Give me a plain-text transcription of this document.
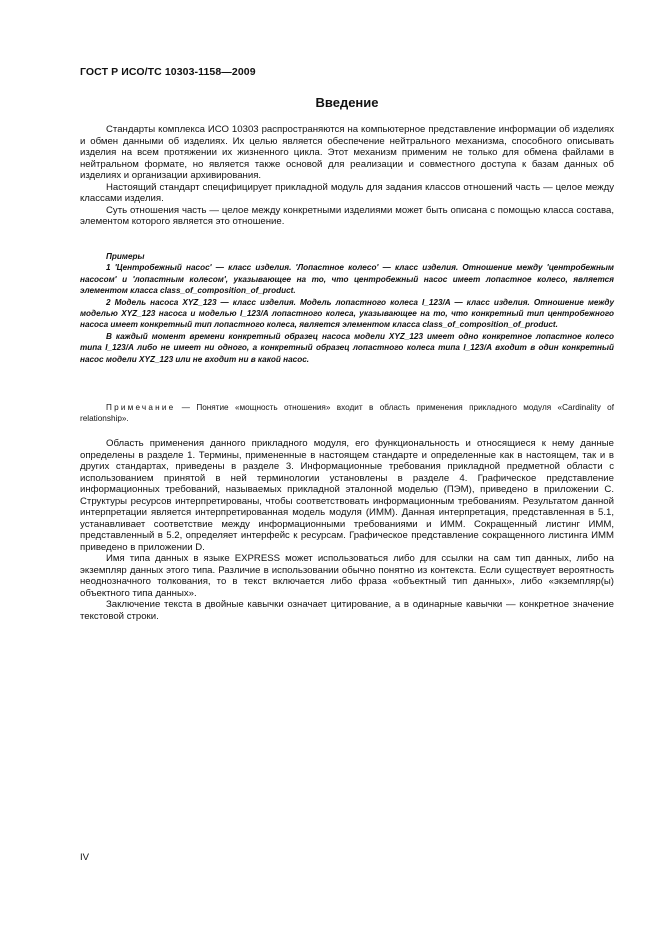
ГОСТ Р ИСО/ТС 10303-1158—2009
Введение

Стандарты комплекса ИСО 10303 распространяются на компьютерное представление информации об изделиях и обмен данными об изделиях. Их целью является обеспечение нейтрального механизма, способного описывать изделия на всем протяжении их жизненного цикла. Этот механизм применим не только для обмена файлами в нейтральном формате, но является также основой для реализации и совместного доступа к базам данных об изделиях и организации архивирования.

Настоящий стандарт специфицирует прикладной модуль для задания классов отношений часть — целое между классами изделия.

Суть отношения часть — целое между конкретными изделиями может быть описана с помощью класса состава, элементом которого является это отношение.

Примеры

1 'Центробежный насос' — класс изделия. 'Лопастное колесо' — класс изделия. Отношение между 'центробежным насосом' и 'лопастным колесом', указывающее на то, что центробежный насос имеет лопастное колесо, является элементом класса class_of_composition_of_product.

2 Модель насоса XYZ_123 — класс изделия. Модель лопастного колеса I_123/A — класс изделия. Отношение между моделью XYZ_123 насоса и моделью I_123/A лопастного колеса, указывающее на то, что конкретный тип центробежного насоса имеет конкретный тип лопастного колеса, является элементом класса class_of_composition_of_product.

В каждый момент времени конкретный образец насоса модели XYZ_123 имеет одно конкретное лопастное колесо типа I_123/A либо не имеет ни одного, а конкретный образец лопастного колеса типа I_123/A входит в один конкретный насос модели XYZ_123 или не входит ни в какой насос.

Примечание — Понятие «мощность отношения» входит в область применения прикладного модуля «Cardinality of relationship».

Область применения данного прикладного модуля, его функциональность и относящиеся к нему данные определены в разделе 1. Термины, примененные в настоящем стандарте и определенные как в настоящем, так и в других стандартах, приведены в разделе 3. Информационные требования прикладной предметной области с использованием принятой в ней терминологии установлены в разделе 4. Графическое представление информационных требований, называемых прикладной эталонной моделью (ПЭМ), приведено в приложении C. Структуры ресурсов интерпретированы, чтобы соответствовать информационным требованиям. Результатом данной интерпретации является интерпретированная модель модуля (ИММ). Данная интерпретация, представленная в 5.1, устанавливает соответствие между информационными требованиями и ИММ. Сокращенный листинг ИММ, представленный в 5.2, определяет интерфейс к ресурсам. Графическое представление сокращенного листинга ИММ приведено в приложении D.

Имя типа данных в языке EXPRESS может использоваться либо для ссылки на сам тип данных, либо на экземпляр данных этого типа. Различие в использовании обычно понятно из контекста. Если существует вероятность неоднозначного толкования, то в текст включается либо фраза «объектный тип данных», либо «экземпляр(ы) объектного типа данных».

Заключение текста в двойные кавычки означает цитирование, а в одинарные кавычки — конкретное значение текстовой строки.

IV
